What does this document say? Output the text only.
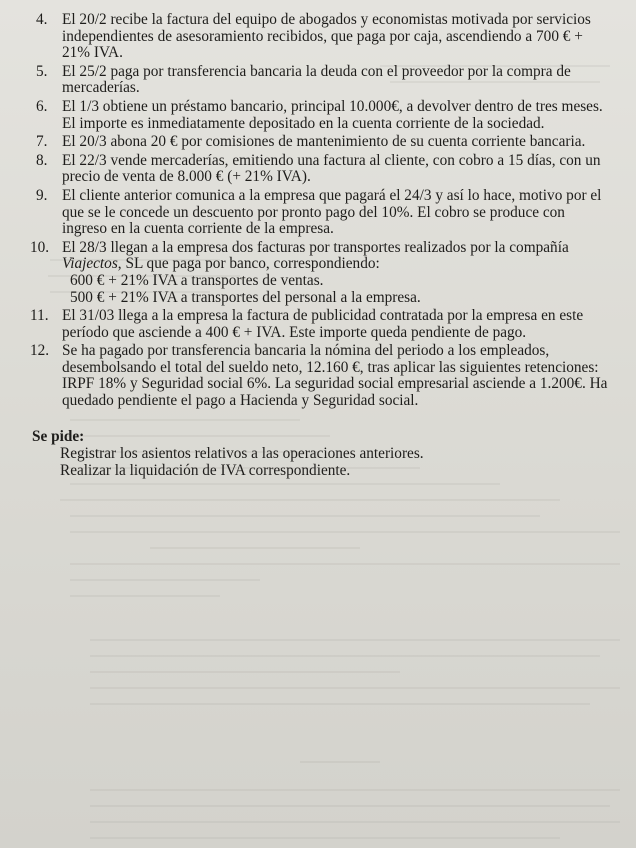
4. El 20/2 recibe la factura del equipo de abogados y economistas motivada por servicios
independientes de asesoramiento recibidos, que paga por caja, ascendiendo a 700 € +
21% IVA.
5. El 25/2 paga por transferencia bancaria la deuda con el proveedor por la compra de
mercaderías.
6. El 1/3 obtiene un préstamo bancario, principal 10.000€, a devolver dentro de tres meses.
El importe es inmediatamente depositado en la cuenta corriente de la sociedad.
7. El 20/3 abona 20 € por comisiones de mantenimiento de su cuenta corriente bancaria.
8. El 22/3 vende mercaderías, emitiendo una factura al cliente, con cobro a 15 días, con un
precio de venta de 8.000 € (+ 21% IVA).
9. El cliente anterior comunica a la empresa que pagará el 24/3 y así lo hace, motivo por el
que se le concede un descuento por pronto pago del 10%. El cobro se produce con
ingreso en la cuenta corriente de la empresa.
10. El 28/3 llegan a la empresa dos facturas por transportes realizados por la compañía
Viajectos, SL que paga por banco, correspondiendo:
600 € + 21% IVA a transportes de ventas.
500 € + 21% IVA a transportes del personal a la empresa.
11. El 31/03 llega a la empresa la factura de publicidad contratada por la empresa en este
período que asciende a 400 € + IVA. Este importe queda pendiente de pago.
12. Se ha pagado por transferencia bancaria la nómina del periodo a los empleados,
desembolsando el total del sueldo neto, 12.160 €, tras aplicar las siguientes retenciones:
IRPF 18% y Seguridad social 6%. La seguridad social empresarial asciende a 1.200€. Ha
quedado pendiente el pago a Hacienda y Seguridad social.
Se pide:
Registrar los asientos relativos a las operaciones anteriores.
Realizar la liquidación de IVA correspondiente.
